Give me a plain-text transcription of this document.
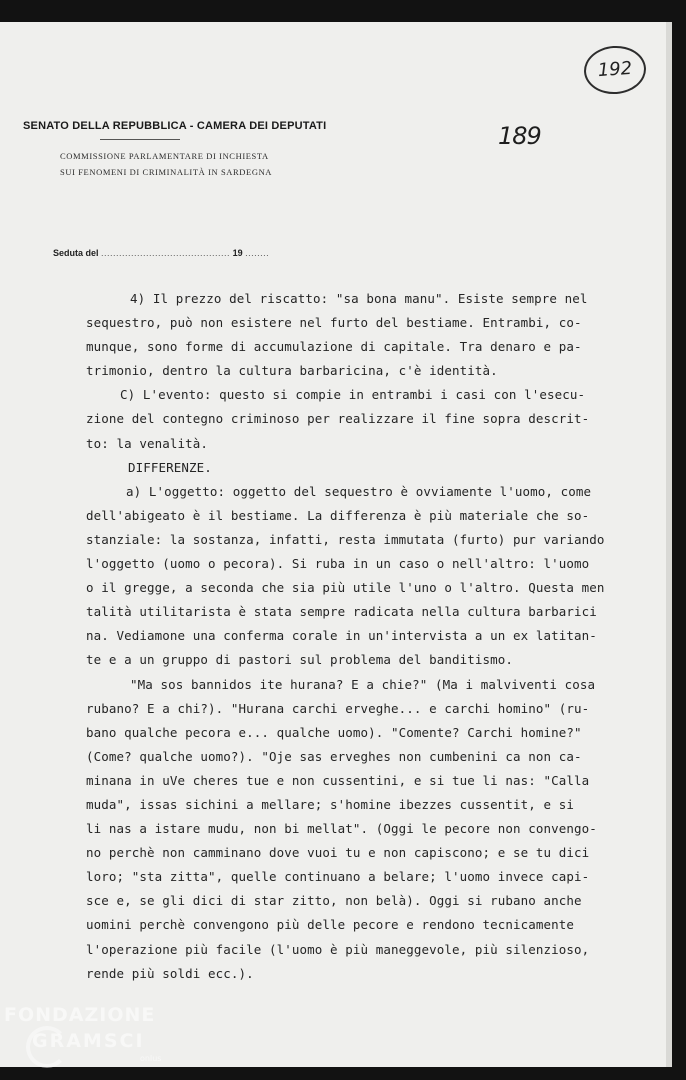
192
189
SENATO DELLA REPUBBLICA - CAMERA DEI DEPUTATI
COMMISSIONE PARLAMENTARE DI INCHIESTA
SUI FENOMENI DI CRIMINALITÀ IN SARDEGNA
Seduta del ........................................... 19 ........
4) Il prezzo del riscatto: "sa bona manu". Esiste sempre nel
sequestro, può non esistere nel furto del bestiame. Entrambi, co-
munque, sono forme di accumulazione di capitale. Tra denaro e pa-
trimonio, dentro la cultura barbaricina, c'è identità.
C) L'evento: questo si compie in entrambi i casi con l'esecu-
zione del contegno criminoso per realizzare il fine sopra descrit-
to: la venalità.
DIFFERENZE.
a) L'oggetto: oggetto del sequestro è ovviamente l'uomo, come
dell'abigeato è il bestiame. La differenza è più materiale che so-
stanziale: la sostanza, infatti, resta immutata (furto) pur variando
l'oggetto (uomo o pecora). Si ruba in un caso o nell'altro: l'uomo
o il gregge, a seconda che sia più utile l'uno o l'altro. Questa men
talità utilitarista è stata sempre radicata nella cultura barbarici
na. Vediamone una conferma corale in un'intervista a un ex latitan-
te e a un gruppo di pastori sul problema del banditismo.
"Ma sos bannidos ite hurana? E a chie?" (Ma i malviventi cosa
rubano? E a chi?). "Hurana carchi erveghe... e carchi homino" (ru-
bano qualche pecora e... qualche uomo). "Comente? Carchi homine?"
(Come? qualche uomo?). "Oje sas erveghes non cumbenini ca non ca-
minana in uVe cheres tue e non cussentini, e si tue li nas: "Calla
muda", issas sichini a mellare; s'homine ibezzes cussentit, e si
li nas a istare mudu, non bi mellat". (Oggi le pecore non convengo-
no perchè non camminano dove vuoi tu e non capiscono; e se tu dici
loro; "sta zitta", quelle continuano a belare; l'uomo invece capi-
sce e, se gli dici di star zitto, non belà). Oggi si rubano anche
uomini perchè convengono più delle pecore e rendono tecnicamente
l'operazione più facile (l'uomo è più maneggevole, più silenzioso,
rende più soldi ecc.).
FONDAZIONE
GRAMSCI
onlus
